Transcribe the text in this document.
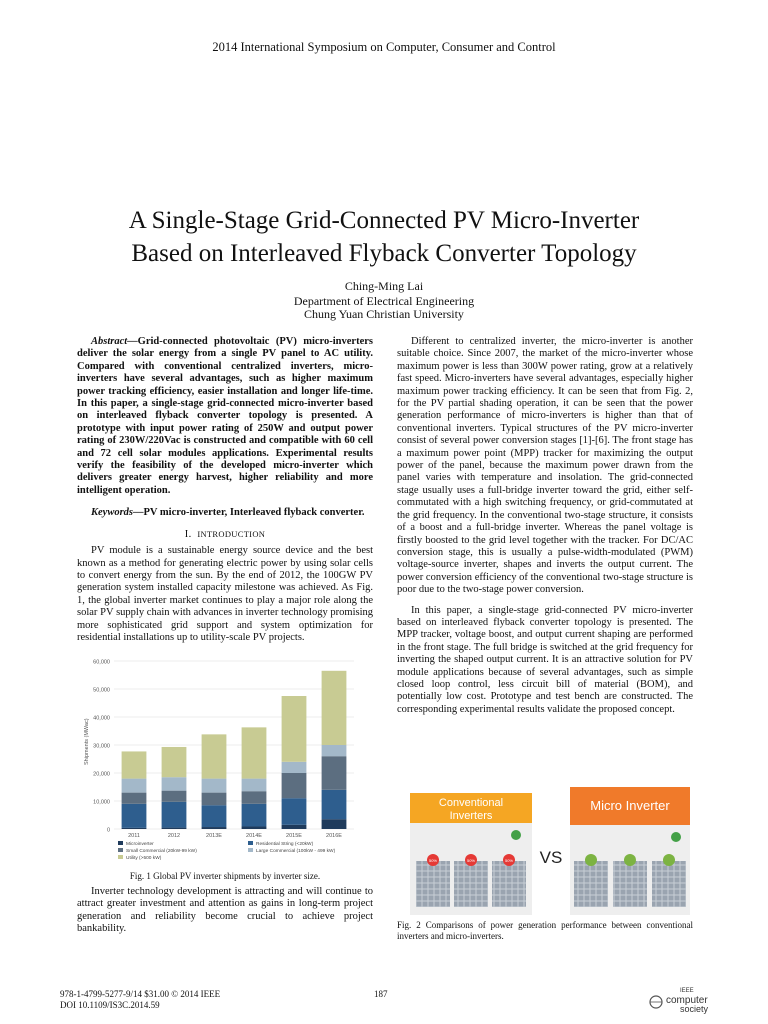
2014 International Symposium on Computer, Consumer and Control
A Single-Stage Grid-Connected PV Micro-Inverter
Based on Interleaved Flyback Converter Topology
Ching-Ming Lai
Department of Electrical Engineering
Chung Yuan Christian University

Abstract—Grid-connected photovoltaic (PV) micro-inverters deliver the solar energy from a single PV panel to AC utility. Compared with conventional centralized inverters, micro-inverters have several advantages, such as higher maximum power tracking efficiency, easier installation and longer life-time. In this paper, a single-stage grid-connected micro-inverter based on interleaved flyback converter topology is presented. A prototype with input power rating of 250W and output power rating of 230W/220Vac is constructed and compatible with 60 cell and 72 cell solar modules applications. Experimental results verify the feasibility of the developed micro-inverter which delivers greater energy harvest, higher reliability and more intelligent operation.

Keywords—PV micro-inverter, Interleaved flyback converter.

I. INTRODUCTION

PV module is a sustainable energy source device and the best known as a method for generating electric power by using solar cells to convert energy from the sun. By the end of 2012, the 100GW PV generation system installed capacity milestone was achieved. As Fig. 1, the global inverter market continues to play a major role along the solar PV supply chain with advances in inverter technology promising more sophisticated grid support and system optimization for residential installations up to utility-scale PV projects.

0
10,000
20,000
30,000
40,000
50,000
60,000
Shipments (MWac)
2011	2012	2013E	2014E	2015E	2016E
Microinverter	Residential String (<20kW)
Small Commercial (20kW-99 kW)	Large Commercial (100kW - 499 kW)
Utility (>500 kW)
Fig. 1 Global PV inverter shipments by inverter size.

Inverter technology development is attracting and will continue to attract greater investment and attention as gains in long-term project generation and reliability become crucial to achieve project bankability.

Different to centralized inverter, the micro-inverter is another suitable choice. Since 2007, the market of the micro-inverter whose maximum power is less than 300W power rating, grow at a relatively fast speed. Micro-inverters have several advantages, especially higher maximum power tracking efficiency. It can be seen that from Fig. 2, for the PV partial shading operation, it can be seen that the power generation performance of micro-inverters is higher than that of conventional inverters. Typical structures of the PV micro-inverter consist of several power conversion stages [1]-[6]. The front stage has a maximum power point (MPP) tracker for maximizing the output power of the panel, because the maximum power drawn from the panel varies with temperature and insolation. The grid-connected stage usually uses a full-bridge inverter toward the grid, either self-commutated with a high switching frequency, or grid-commutated at the grid frequency. In the conventional two-stage structure, it consists of a boost and a full-bridge inverter. Whereas the panel voltage is firstly boosted to the grid level together with the tracker. For DC/AC conversion stage, this is usually a pulse-width-modulated (PWM) voltage-source inverter, shapes and inverts the output current. The power conversion efficiency of the conventional two-stage structure is poor due to the two-stage power conversion.

In this paper, a single-stage grid-connected PV micro-inverter based on interleaved flyback converter topology is presented. The MPP tracker, voltage boost, and output current shaping are performed in the front stage. The full bridge is switched at the grid frequency for inverting the shaped output current. It is an attractive solution for PV module applications because of several advantages, such as simple closed loop control, less circuit bill of material (BOM), and potentially low cost. Prototype and test bench are constructed. The corresponding experimental results validate the proposed concept.

Conventional
Inverters
50%	50%	50% VS
Micro Inverter
Fig. 2 Comparisons of power generation performance between conventional inverters and micro-inverters.
978-1-4799-5277-9/14 $31.00 © 2014 IEEE
DOI 10.1109/IS3C.2014.59
187	IEEE
computer
society
